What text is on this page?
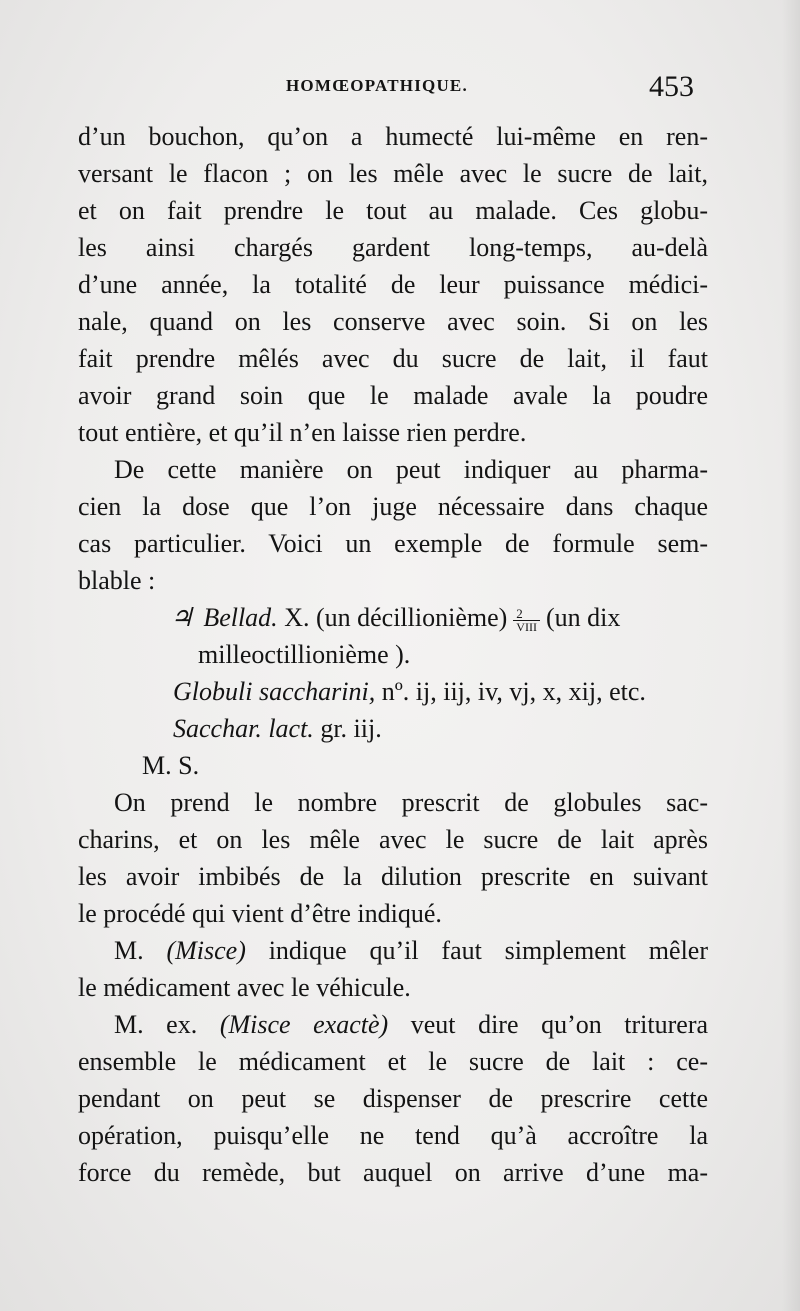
HOMŒOPATHIQUE.	453
d’un bouchon, qu’on a humecté lui-même en ren-
versant le flacon ; on les mêle avec le sucre de lait,
et on fait prendre le tout au malade. Ces globu-
les ainsi chargés gardent long-temps, au-delà
d’une année, la totalité de leur puissance médici-
nale, quand on les conserve avec soin. Si on les
fait prendre mêlés avec du sucre de lait, il faut
avoir grand soin que le malade avale la poudre
tout entière, et qu’il n’en laisse rien perdre.
De cette manière on peut indiquer au pharma-
cien la dose que l’on juge nécessaire dans chaque
cas particulier. Voici un exemple de formule sem-
blable :
♃ Bellad. X. (un décillionième) $\frac{2}{\text{VIII}} (un$ dix
milleoctillionième ).
Globuli saccharini, nº. ij, iij, iv, vj, x, xij, etc.
Sacchar. lact. gr. iij.
M. S.
On prend le nombre prescrit de globules sac-
charins, et on les mêle avec le sucre de lait après
les avoir imbibés de la dilution prescrite en suivant
le procédé qui vient d’être indiqué.
M. (Misce) indique qu’il faut simplement mêler
le médicament avec le véhicule.
M. ex. (Misce exactè) veut dire qu’on triturera
ensemble le médicament et le sucre de lait : ce-
pendant on peut se dispenser de prescrire cette
opération, puisqu’elle ne tend qu’à accroître la
force du remède, but auquel on arrive d’une ma-
